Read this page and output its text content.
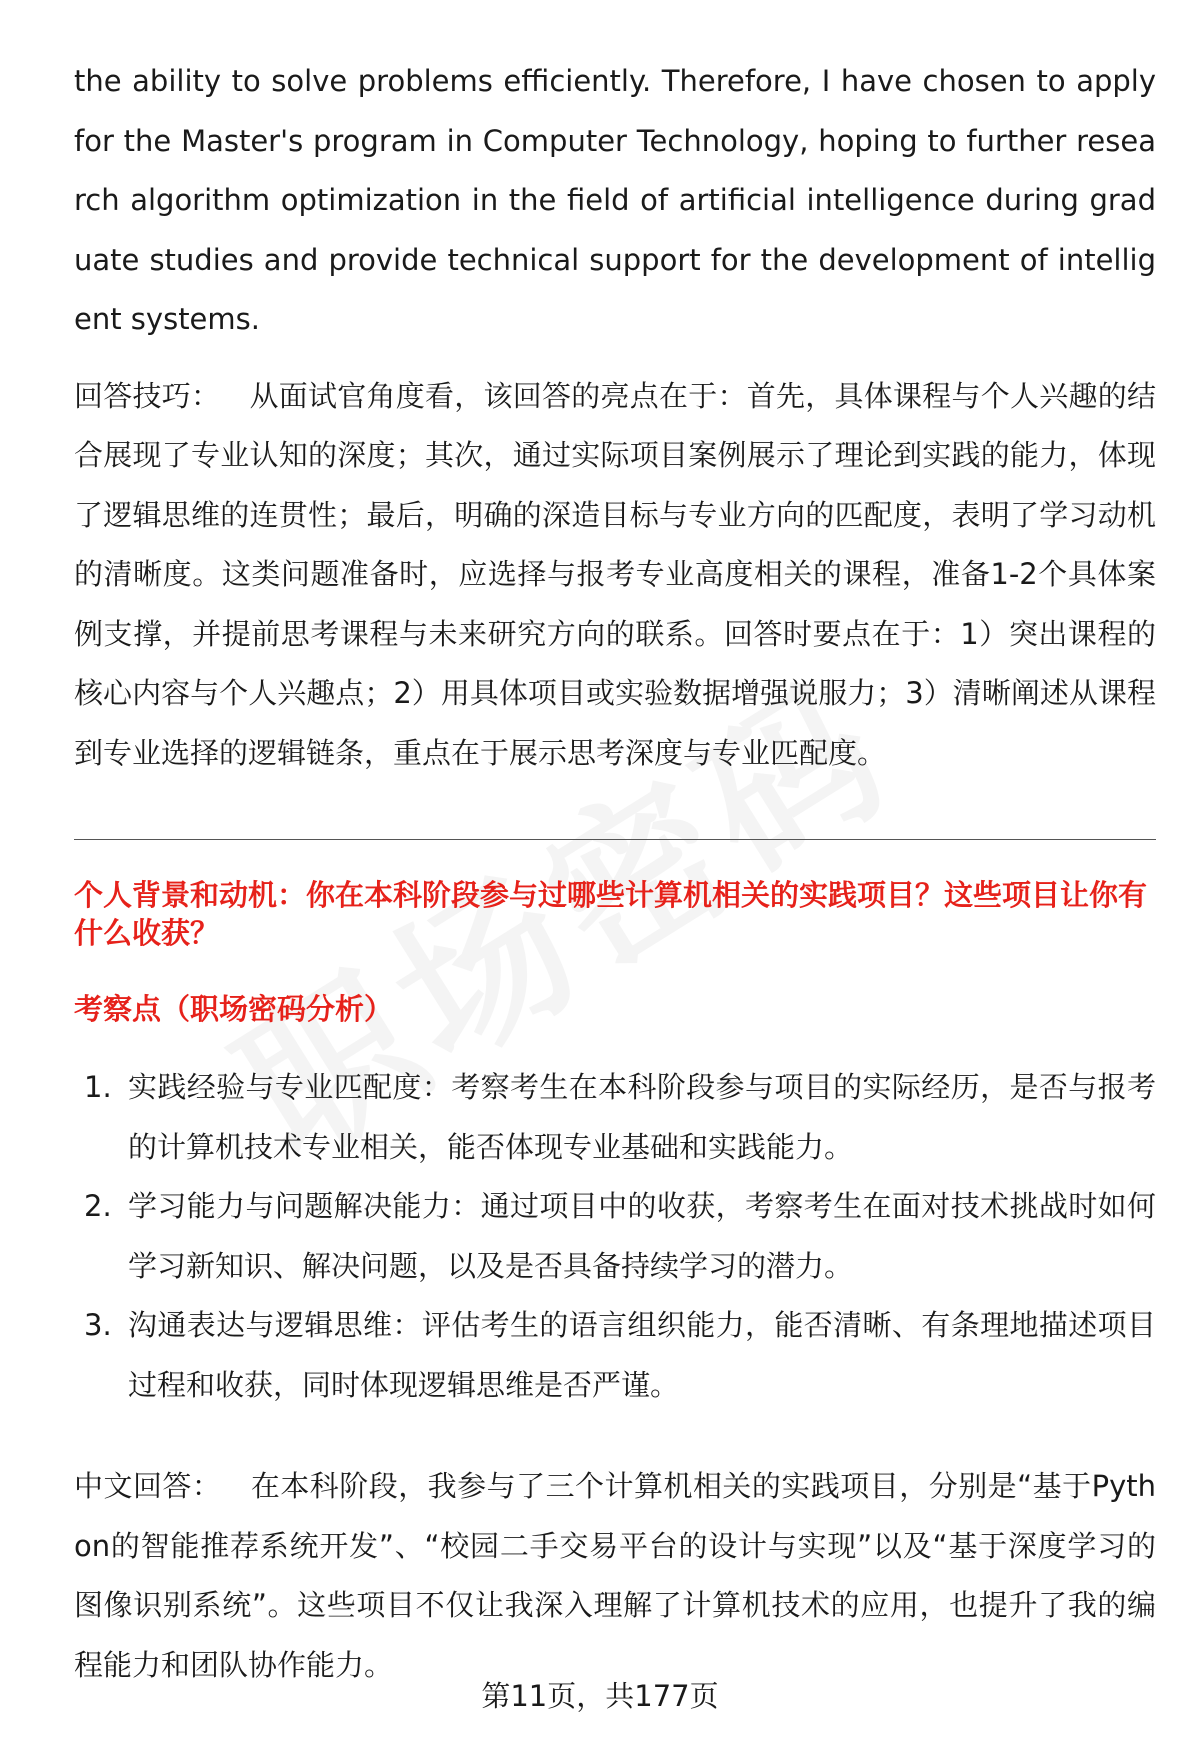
the ability to solve problems efficiently. Therefore, I have chosen to apply for the Master's program in Computer Technology, hoping to further research algorithm optimization in the field of artificial intelligence during graduate studies and provide technical support for the development of intelligent systems.

回答技巧：  从面试官角度看，该回答的亮点在于：首先，具体课程与个人兴趣的结合展现了专业认知的深度；其次，通过实际项目案例展示了理论到实践的能力，体现了逻辑思维的连贯性；最后，明确的深造目标与专业方向的匹配度，表明了学习动机的清晰度。这类问题准备时，应选择与报考专业高度相关的课程，准备1-2个具体案例支撑，并提前思考课程与未来研究方向的联系。回答时要点在于：1）突出课程的核心内容与个人兴趣点；2）用具体项目或实验数据增强说服力；3）清晰阐述从课程到专业选择的逻辑链条，重点在于展示思考深度与专业匹配度。

个人背景和动机：你在本科阶段参与过哪些计算机相关的实践项目？这些项目让你有什么收获？
考察点（职场密码分析）
1. 实践经验与专业匹配度：考察考生在本科阶段参与项目的实际经历，是否与报考的计算机技术专业相关，能否体现专业基础和实践能力。
2. 学习能力与问题解决能力：通过项目中的收获，考察考生在面对技术挑战时如何学习新知识、解决问题，以及是否具备持续学习的潜力。
3. 沟通表达与逻辑思维：评估考生的语言组织能力，能否清晰、有条理地描述项目过程和收获，同时体现逻辑思维是否严谨。

中文回答：  在本科阶段，我参与了三个计算机相关的实践项目，分别是“基于Python的智能推荐系统开发”、“校园二手交易平台的设计与实现”以及“基于深度学习的图像识别系统”。这些项目不仅让我深入理解了计算机技术的应用，也提升了我的编程能力和团队协作能力。

第11页，共177页
